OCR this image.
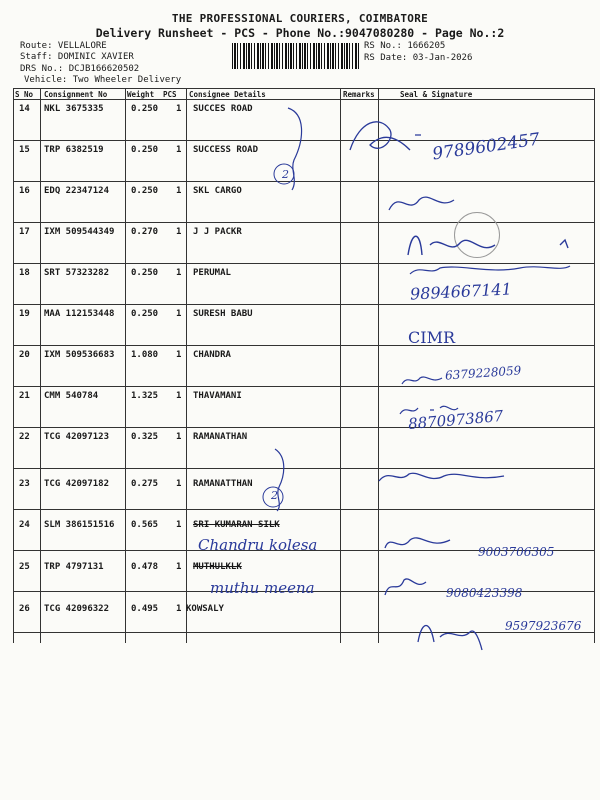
THE PROFESSIONAL COURIERS, COIMBATORE
Delivery Runsheet - PCS - Phone No.:9047080280 - Page No.:2
Route: VELLALORE
Staff: DOMINIC XAVIER
DRS No.: DCJB166620502
Vehicle: Two Wheeler Delivery
RS No.: 1666205
RS Date: 03-Jan-2026
S No Consignment No	Weight PCS Consignee Details	Remarks	Seal & Signature
14 NKL 3675335	0.250 1 SUCCES ROAD
15 TRP 6382519	0.250 1 SUCCESS ROAD
16 EDQ 22347124 0.250 1 SKL CARGO
17 IXM 509544349 0.270 1 J J PACKR
18 SRT 57323282 0.250 1 PERUMAL
19 MAA 112153448 0.250 1 SURESH BABU
20 IXM 509536683 1.080 1 CHANDRA
21 CMM 540784	1.325 1 THAVAMANI
22 TCG 42097123 0.325 1 RAMANATHAN
23 TCG 42097182 0.275 1 RAMANATTHAN
24 SLM 386151516 0.565 1 SRI KUMARAN SILK
25 TRP 4797131	0.478 1 MUTHULKLK
26 TCG 42096322 0.495 1 KOWSALY
2
9789602457
9894667141
CIMR
6379228059
8870973867
2
Chandru kolesa	9003706305
muthu meena	9080423398
9597923676
